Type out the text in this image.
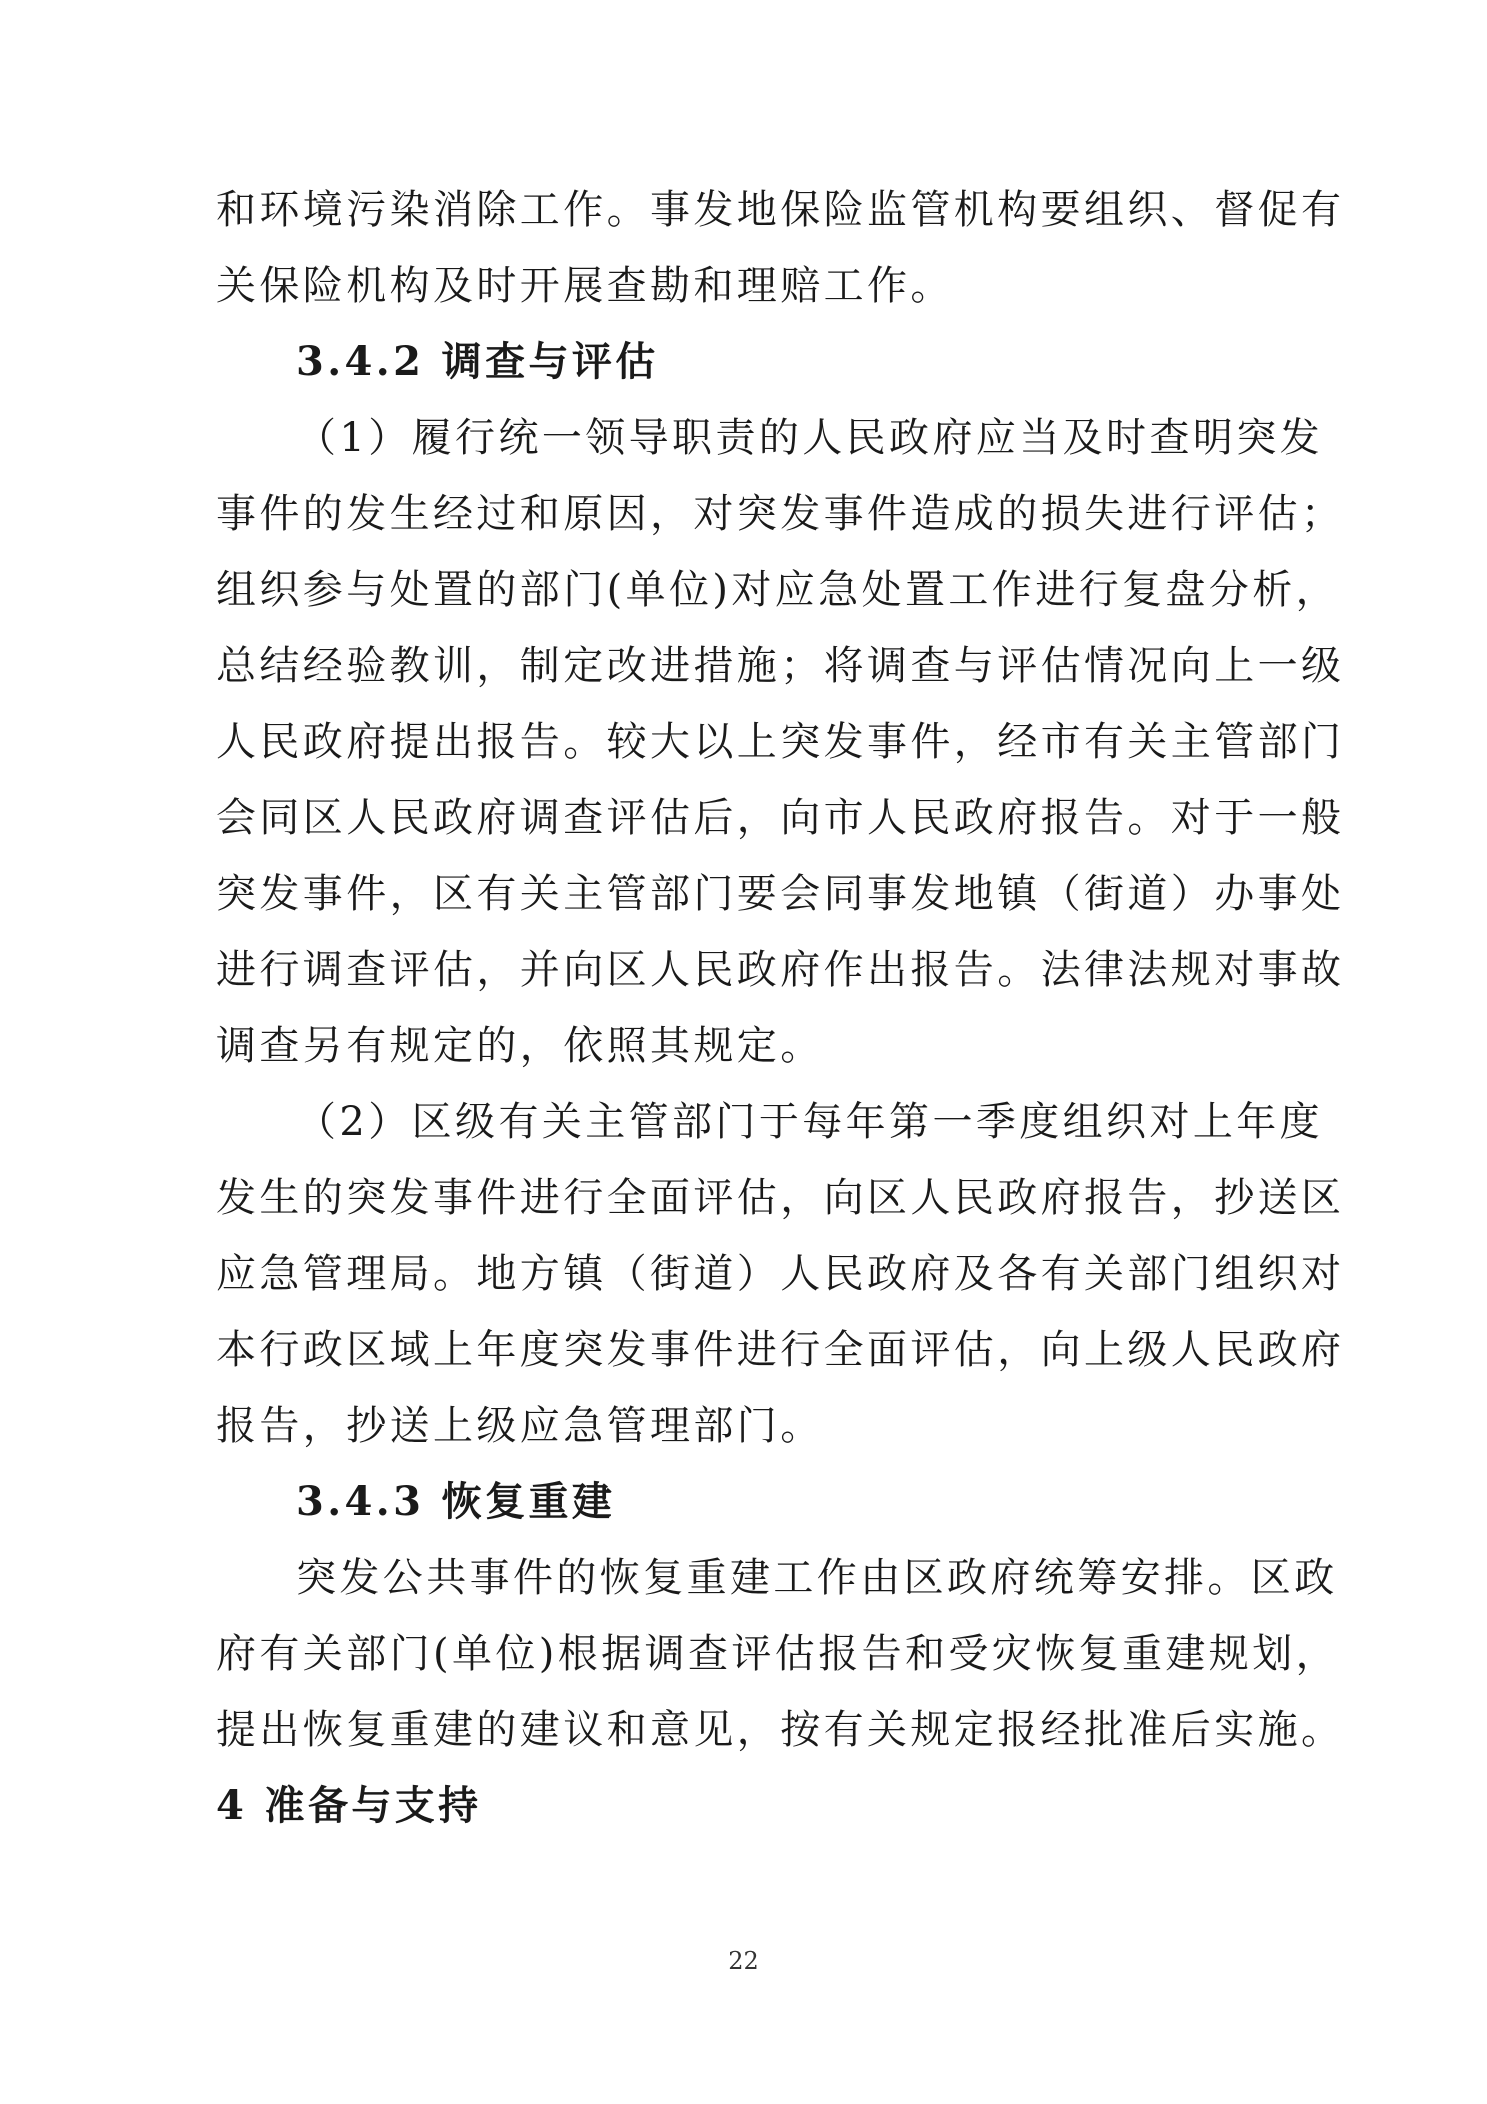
和环境污染消除工作。事发地保险监管机构要组织、督促有
关保险机构及时开展查勘和理赔工作。
3.4.2 调查与评估
（1）履行统一领导职责的人民政府应当及时查明突发
事件的发生经过和原因，对突发事件造成的损失进行评估；
组织参与处置的部门(单位)对应急处置工作进行复盘分析，
总结经验教训，制定改进措施；将调查与评估情况向上一级
人民政府提出报告。较大以上突发事件，经市有关主管部门
会同区人民政府调查评估后，向市人民政府报告。对于一般
突发事件，区有关主管部门要会同事发地镇（街道）办事处
进行调查评估，并向区人民政府作出报告。法律法规对事故
调查另有规定的，依照其规定。
（2）区级有关主管部门于每年第一季度组织对上年度
发生的突发事件进行全面评估，向区人民政府报告，抄送区
应急管理局。地方镇（街道）人民政府及各有关部门组织对
本行政区域上年度突发事件进行全面评估，向上级人民政府
报告，抄送上级应急管理部门。
3.4.3 恢复重建
突发公共事件的恢复重建工作由区政府统筹安排。区政
府有关部门(单位)根据调查评估报告和受灾恢复重建规划，
提出恢复重建的建议和意见，按有关规定报经批准后实施。
4 准备与支持
22
